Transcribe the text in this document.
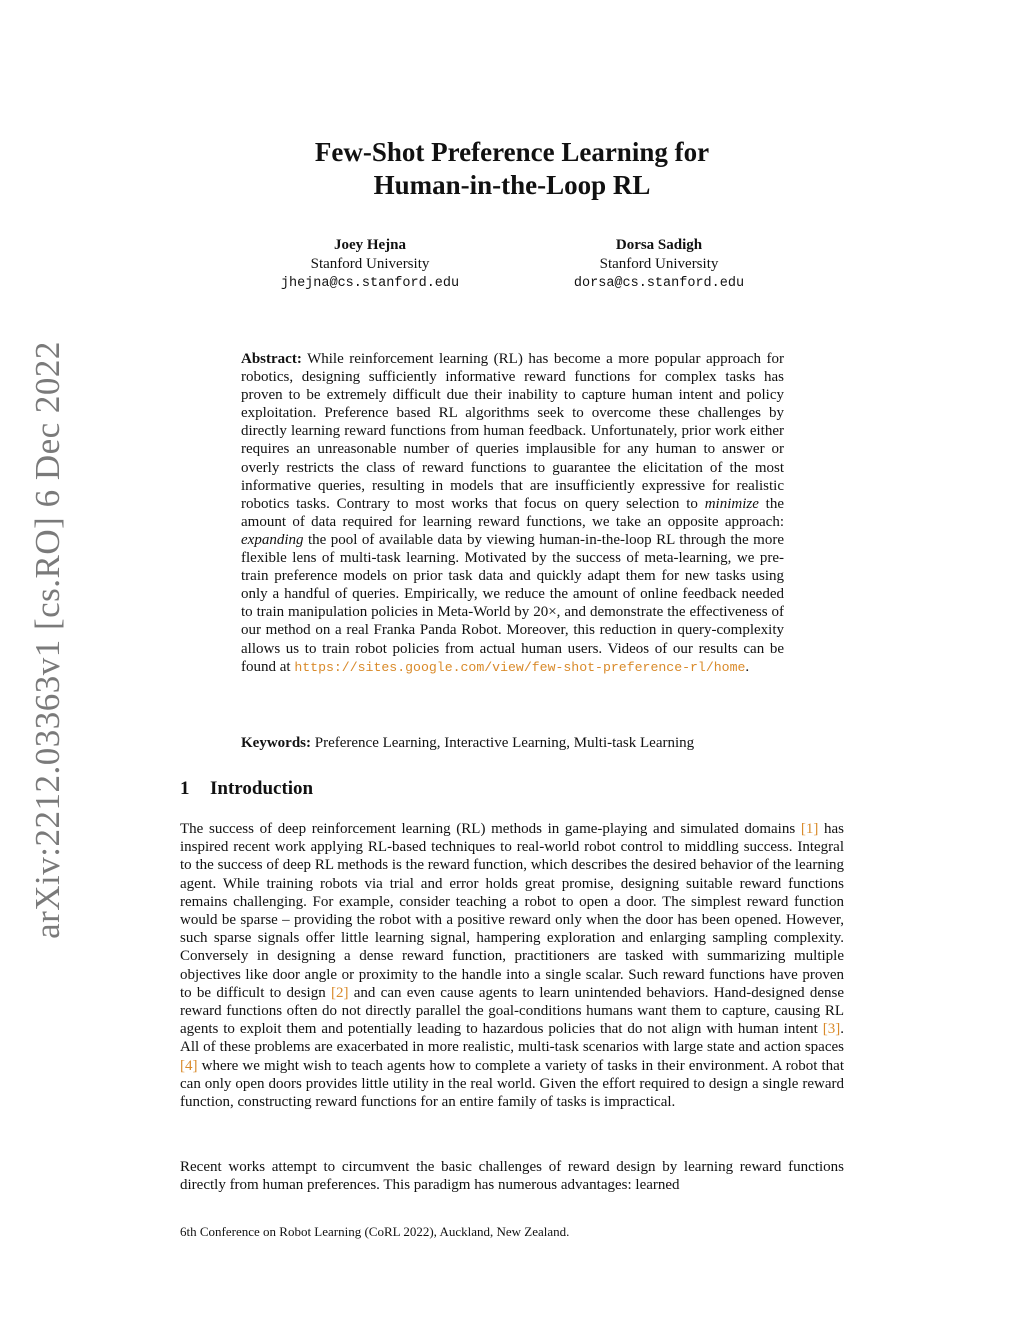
arXiv:2212.03363v1 [cs.RO] 6 Dec 2022
Few-Shot Preference Learning for
Human-in-the-Loop RL
Joey Hejna
Stanford University
jhejna@cs.stanford.edu
Dorsa Sadigh
Stanford University
dorsa@cs.stanford.edu
Abstract: While reinforcement learning (RL) has become a more popular approach for robotics, designing sufficiently informative reward functions for complex tasks has proven to be extremely difficult due their inability to capture human intent and policy exploitation. Preference based RL algorithms seek to overcome these challenges by directly learning reward functions from human feedback. Unfortunately, prior work either requires an unreasonable number of queries implausible for any human to answer or overly restricts the class of reward functions to guarantee the elicitation of the most informative queries, resulting in models that are insufficiently expressive for realistic robotics tasks. Contrary to most works that focus on query selection to minimize the amount of data required for learning reward functions, we take an opposite approach: expanding the pool of available data by viewing human-in-the-loop RL through the more flexible lens of multi-task learning. Motivated by the success of meta-learning, we pre-train preference models on prior task data and quickly adapt them for new tasks using only a handful of queries. Empirically, we reduce the amount of online feedback needed to train manipulation policies in Meta-World by 20×, and demonstrate the effectiveness of our method on a real Franka Panda Robot. Moreover, this reduction in query-complexity allows us to train robot policies from actual human users. Videos of our results can be found at https://sites.google.com/view/few-shot-preference-rl/home.
Keywords: Preference Learning, Interactive Learning, Multi-task Learning
1 Introduction
The success of deep reinforcement learning (RL) methods in game-playing and simulated domains [1] has inspired recent work applying RL-based techniques to real-world robot control to middling success. Integral to the success of deep RL methods is the reward function, which describes the desired behavior of the learning agent. While training robots via trial and error holds great promise, designing suitable reward functions remains challenging. For example, consider teaching a robot to open a door. The simplest reward function would be sparse – providing the robot with a positive reward only when the door has been opened. However, such sparse signals offer little learning signal, hampering exploration and enlarging sampling complexity. Conversely in designing a dense reward function, practitioners are tasked with summarizing multiple objectives like door angle or proximity to the handle into a single scalar. Such reward functions have proven to be difficult to design [2] and can even cause agents to learn unintended behaviors. Hand-designed dense reward functions often do not directly parallel the goal-conditions humans want them to capture, causing RL agents to exploit them and potentially leading to hazardous policies that do not align with human intent [3]. All of these problems are exacerbated in more realistic, multi-task scenarios with large state and action spaces [4] where we might wish to teach agents how to complete a variety of tasks in their environment. A robot that can only open doors provides little utility in the real world. Given the effort required to design a single reward function, constructing reward functions for an entire family of tasks is impractical.
Recent works attempt to circumvent the basic challenges of reward design by learning reward functions directly from human preferences. This paradigm has numerous advantages: learned
6th Conference on Robot Learning (CoRL 2022), Auckland, New Zealand.
